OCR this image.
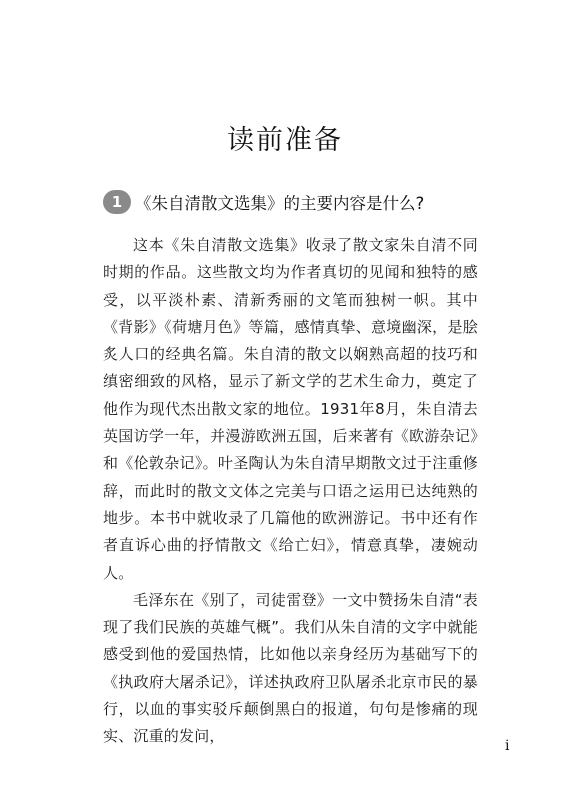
读前准备
1 《朱自清散文选集》的主要内容是什么?

这本《朱自清散文选集》收录了散文家朱自清不同时期的作品。这些散文均为作者真切的见闻和独特的感受，以平淡朴素、清新秀丽的文笔而独树一帜。其中《背影》《荷塘月色》等篇，感情真挚、意境幽深，是脍炙人口的经典名篇。朱自清的散文以娴熟高超的技巧和缜密细致的风格，显示了新文学的艺术生命力，奠定了他作为现代杰出散文家的地位。1931年8月，朱自清去英国访学一年，并漫游欧洲五国，后来著有《欧游杂记》和《伦敦杂记》。叶圣陶认为朱自清早期散文过于注重修辞，而此时的散文文体之完美与口语之运用已达纯熟的地步。本书中就收录了几篇他的欧洲游记。书中还有作者直诉心曲的抒情散文《给亡妇》，情意真挚，凄婉动人。

毛泽东在《别了，司徒雷登》一文中赞扬朱自清“表现了我们民族的英雄气概”。我们从朱自清的文字中就能感受到他的爱国热情，比如他以亲身经历为基础写下的《执政府大屠杀记》，详述执政府卫队屠杀北京市民的暴行，以血的事实驳斥颠倒黑白的报道，句句是惨痛的现实、沉重的发问，

i
